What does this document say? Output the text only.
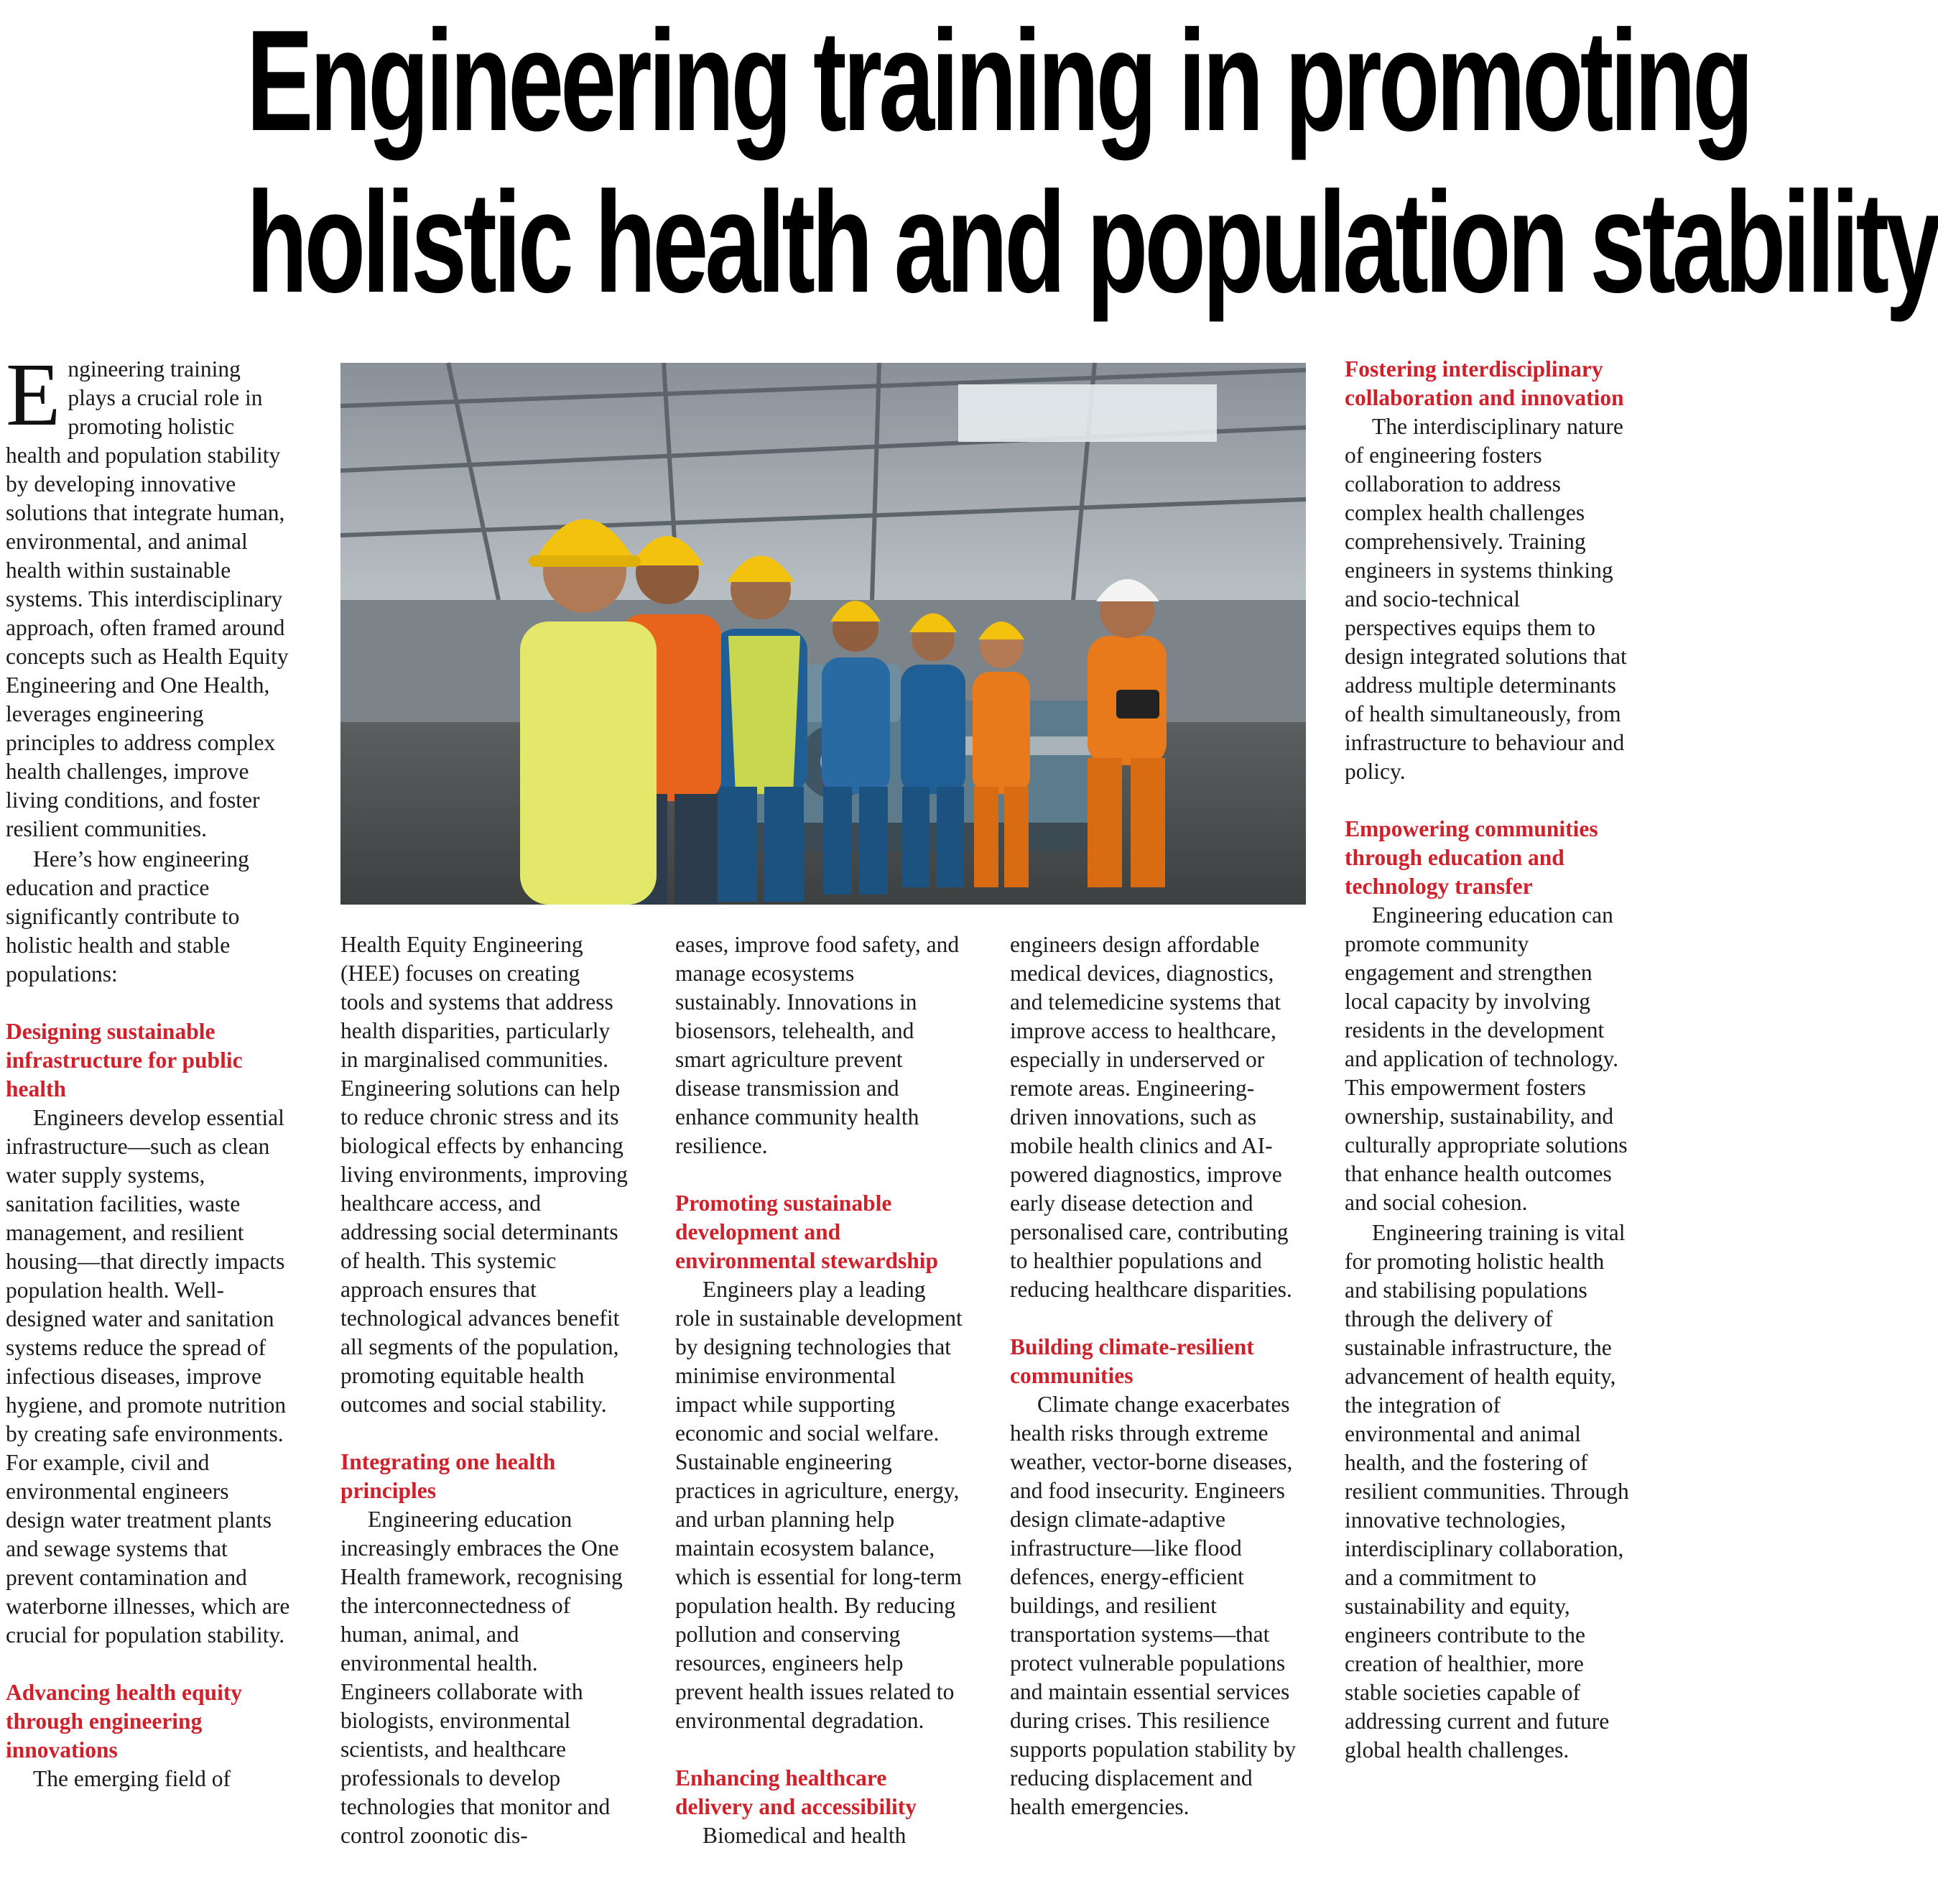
Engineering training in promoting
holistic health and population stability

Engineering training plays a crucial role in promoting holistic health and population stability by developing innovative solutions that integrate human, environmental, and animal health within sustainable systems. This interdisciplinary approach, often framed around concepts such as Health Equity Engineering and One Health, leverages engineering principles to address complex health challenges, improve living conditions, and foster resilient communities.

Here’s how engineering education and practice significantly contribute to holistic health and stable populations:

Designing sustainable infrastructure for public health

Engineers develop essential infrastructure—such as clean water supply systems, sanitation facilities, waste management, and resilient housing—that directly impacts population health. Well-designed water and sanitation systems reduce the spread of infectious diseases, improve hygiene, and promote nutrition by creating safe environments. For example, civil and environmental engineers design water treatment plants and sewage systems that prevent contamination and waterborne illnesses, which are crucial for population stability.

Advancing health equity through engineering innovations

The emerging field of

Health Equity Engineering (HEE) focuses on creating tools and systems that address health disparities, particularly in marginalised communities. Engineering solutions can help to reduce chronic stress and its biological effects by enhancing living environments, improving healthcare access, and addressing social determinants of health. This systemic approach ensures that technological advances benefit all segments of the population, promoting equitable health outcomes and social stability.

Integrating one health principles

Engineering education increasingly embraces the One Health framework, recognising the interconnectedness of human, animal, and environmental health. Engineers collaborate with biologists, environmental scientists, and healthcare professionals to develop technologies that monitor and control zoonotic dis-

eases, improve food safety, and manage ecosystems sustainably. Innovations in biosensors, telehealth, and smart agriculture prevent disease transmission and enhance community health resilience.

Promoting sustainable development and environmental stewardship

Engineers play a leading role in sustainable development by designing technologies that minimise environmental impact while supporting economic and social welfare. Sustainable engineering practices in agriculture, energy, and urban planning help maintain ecosystem balance, which is essential for long-term population health. By reducing pollution and conserving resources, engineers help prevent health issues related to environmental degradation.

Enhancing healthcare delivery and accessibility

Biomedical and health

engineers design affordable medical devices, diagnostics, and telemedicine systems that improve access to healthcare, especially in underserved or remote areas. Engineering-driven innovations, such as mobile health clinics and AI-powered diagnostics, improve early disease detection and personalised care, contributing to healthier populations and reducing healthcare disparities.

Building climate-resilient communities

Climate change exacerbates health risks through extreme weather, vector-borne diseases, and food insecurity. Engineers design climate-adaptive infrastructure—like flood defences, energy-efficient buildings, and resilient transportation systems—that protect vulnerable populations and maintain essential services during crises. This resilience supports population stability by reducing displacement and health emergencies.

Fostering interdisciplinary collaboration and innovation

The interdisciplinary nature of engineering fosters collaboration to address complex health challenges comprehensively. Training engineers in systems thinking and socio-technical perspectives equips them to design integrated solutions that address multiple determinants of health simultaneously, from infrastructure to behaviour and policy.

Empowering communities through education and technology transfer

Engineering education can promote community engagement and strengthen local capacity by involving residents in the development and application of technology. This empowerment fosters ownership, sustainability, and culturally appropriate solutions that enhance health outcomes and social cohesion.

Engineering training is vital for promoting holistic health and stabilising populations through the delivery of sustainable infrastructure, the advancement of health equity, the integration of environmental and animal health, and the fostering of resilient communities. Through innovative technologies, interdisciplinary collaboration, and a commitment to sustainability and equity, engineers contribute to the creation of healthier, more stable societies capable of addressing current and future global health challenges.
